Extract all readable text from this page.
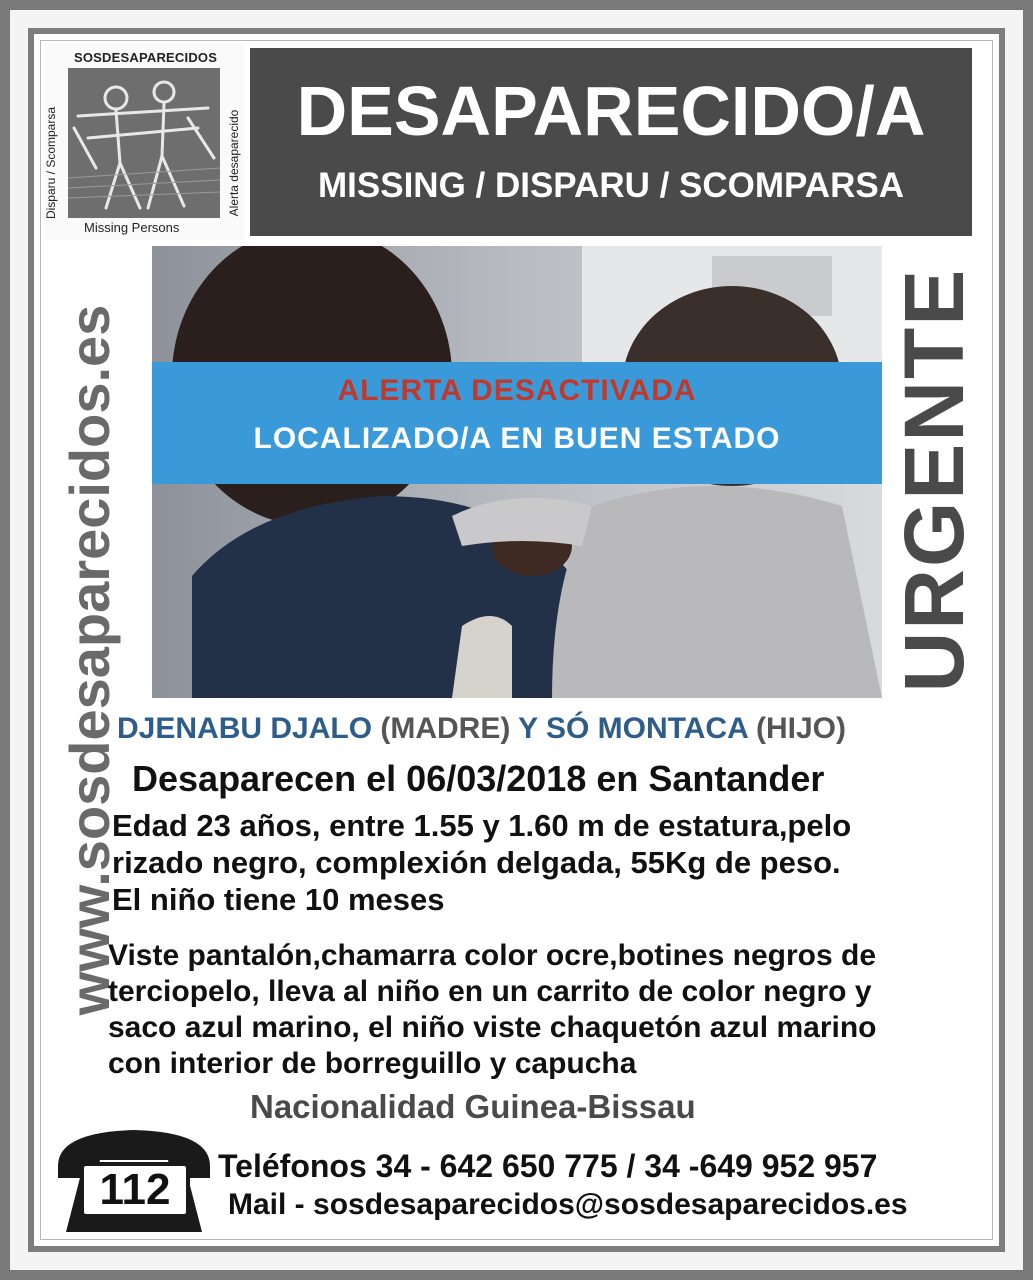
SOSDESAPARECIDOS
Disparu / Scomparsa	Alerta desaparecido
Missing Persons
DESAPARECIDO/A
MISSING / DISPARU / SCOMPARSA
www.sosdesaparecidos.es	ALERTA DESACTIVADA
LOCALIZADO/A EN BUEN ESTADO	URGENTE
DJENABU DJALO (MADRE) Y SÓ MONTACA (HIJO)
Desaparecen el 06/03/2018 en Santander
Edad 23 años, entre 1.55 y 1.60 m de estatura,pelo
rizado negro, complexión delgada, 55Kg de peso.
El niño tiene 10 meses
Viste pantalón,chamarra color ocre,botines negros de
terciopelo, lleva al niño en un carrito de color negro y
saco azul marino, el niño viste chaquetón azul marino
con interior de borreguillo y capucha
Nacionalidad Guinea-Bissau
112	Teléfonos 34 - 642 650 775 / 34 -649 952 957
Mail - sosdesaparecidos@sosdesaparecidos.es
